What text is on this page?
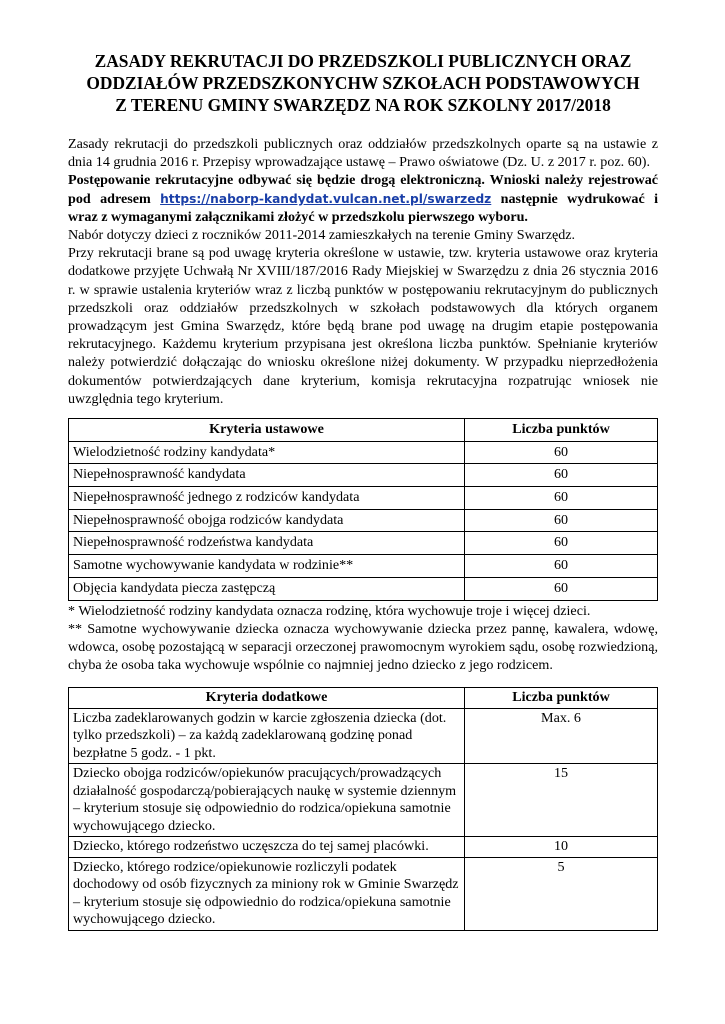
ZASADY REKRUTACJI DO PRZEDSZKOLI PUBLICZNYCH ORAZ
ODDZIAŁÓW PRZEDSZKONYCHW SZKOŁACH PODSTAWOWYCH
Z TERENU GMINY SWARZĘDZ NA ROK SZKOLNY 2017/2018

Zasady rekrutacji do przedszkoli publicznych oraz oddziałów przedszkolnych oparte są na ustawie z dnia 14 grudnia 2016 r. Przepisy wprowadzające ustawę – Prawo oświatowe (Dz. U. z 2017 r. poz. 60).

Postępowanie rekrutacyjne odbywać się będzie drogą elektroniczną. Wnioski należy rejestrować pod adresem https://naborp-kandydat.vulcan.net.pl/swarzedz następnie wydrukować i wraz z wymaganymi załącznikami złożyć w przedszkolu pierwszego wyboru.

Nabór dotyczy dzieci z roczników 2011-2014 zamieszkałych na terenie Gminy Swarzędz.

Przy rekrutacji brane są pod uwagę kryteria określone w ustawie, tzw. kryteria ustawowe oraz kryteria dodatkowe przyjęte Uchwałą Nr XVIII/187/2016 Rady Miejskiej w Swarzędzu z dnia 26 stycznia 2016 r. w sprawie ustalenia kryteriów wraz z liczbą punktów w postępowaniu rekrutacyjnym do publicznych przedszkoli oraz oddziałów przedszkolnych w szkołach podstawowych dla których organem prowadzącym jest Gmina Swarzędz, które będą brane pod uwagę na drugim etapie postępowania rekrutacyjnego. Każdemu kryterium przypisana jest określona liczba punktów. Spełnianie kryteriów należy potwierdzić dołączając do wniosku określone niżej dokumenty. W przypadku nieprzedłożenia dokumentów potwierdzających dane kryterium, komisja rekrutacyjna rozpatrując wniosek nie uwzględnia tego kryterium.

Kryteria ustawowe	Liczba punktów
Wielodzietność rodziny kandydata*	60
Niepełnosprawność kandydata	60
Niepełnosprawność jednego z rodziców kandydata	60
Niepełnosprawność obojga rodziców kandydata	60
Niepełnosprawność rodzeństwa kandydata	60
Samotne wychowywanie kandydata w rodzinie**	60
Objęcia kandydata piecza zastępczą	60

* Wielodzietność rodziny kandydata oznacza rodzinę, która wychowuje troje i więcej dzieci.

** Samotne wychowywanie dziecka oznacza wychowywanie dziecka przez pannę, kawalera, wdowę, wdowca, osobę pozostającą w separacji orzeczonej prawomocnym wyrokiem sądu, osobę rozwiedzioną, chyba że osoba taka wychowuje wspólnie co najmniej jedno dziecko z jego rodzicem.

Kryteria dodatkowe	Liczba punktów
Liczba zadeklarowanych godzin w karcie zgłoszenia dziecka (dot. tylko przedszkoli) – za każdą zadeklarowaną godzinę ponad bezpłatne 5 godz. - 1 pkt.	Max. 6
Dziecko obojga rodziców/opiekunów pracujących/prowadzących działalność gospodarczą/pobierających naukę w systemie dziennym – kryterium stosuje się odpowiednio do rodzica/opiekuna samotnie wychowującego dziecko.	15
Dziecko, którego rodzeństwo uczęszcza do tej samej placówki.	10
Dziecko, którego rodzice/opiekunowie rozliczyli podatek dochodowy od osób fizycznych za miniony rok w Gminie Swarzędz – kryterium stosuje się odpowiednio do rodzica/opiekuna samotnie wychowującego dziecko.	5
